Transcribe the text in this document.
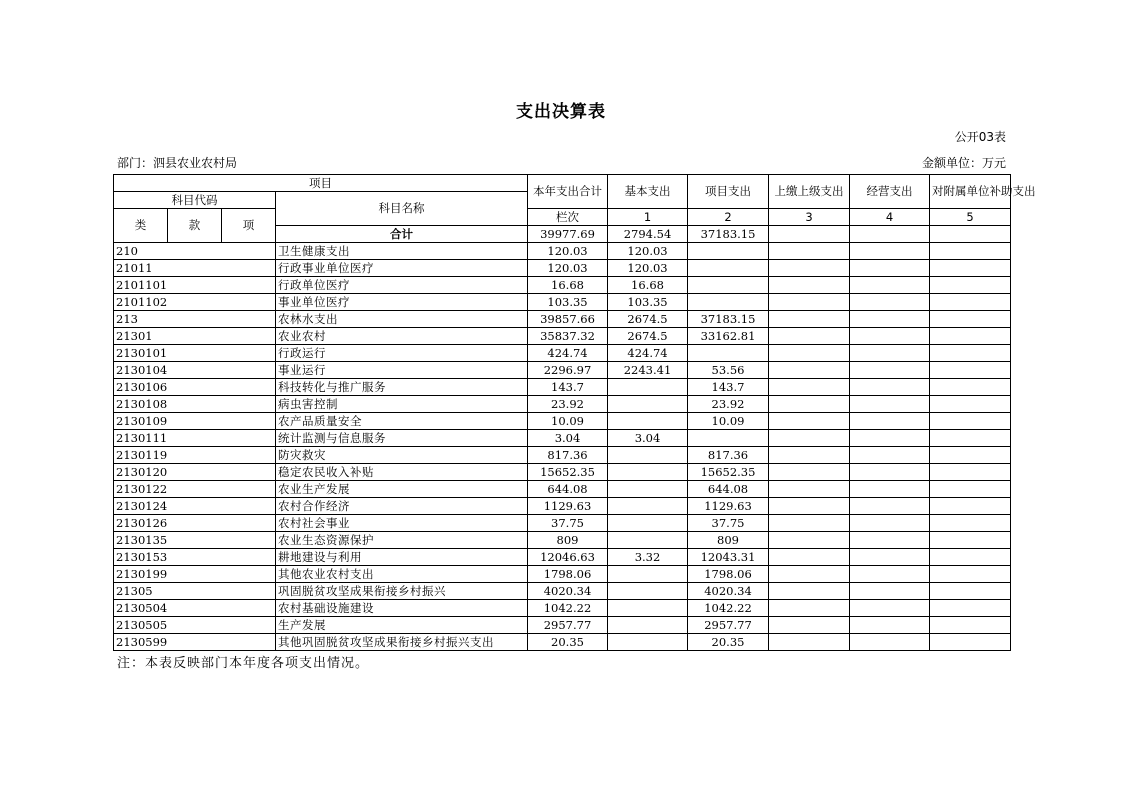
支出决算表
公开03表
部门：泗县农业农村局	金额单位：万元
项目				本年支出合计	基本支出	项目支出	上缴上级支出	经营支出	对附属单位补助支出	
科目代码			科目名称							
类	款	项		栏次	1	2	3	4	5	
			合计	39977.69	2794.54	37183.15				
210			卫生健康支出	120.03	120.03					
21011			行政事业单位医疗	120.03	120.03					
2101101			行政单位医疗	16.68	16.68					
2101102			事业单位医疗	103.35	103.35					
213			农林水支出	39857.66	2674.5	37183.15				
21301			农业农村	35837.32	2674.5	33162.81				
2130101			行政运行	424.74	424.74					
2130104			事业运行	2296.97	2243.41	53.56				
2130106			科技转化与推广服务	143.7		143.7				
2130108			病虫害控制	23.92		23.92				
2130109			农产品质量安全	10.09		10.09				
2130111			统计监测与信息服务	3.04	3.04					
2130119			防灾救灾	817.36		817.36				
2130120			稳定农民收入补贴	15652.35		15652.35				
2130122			农业生产发展	644.08		644.08				
2130124			农村合作经济	1129.63		1129.63				
2130126			农村社会事业	37.75		37.75				
2130135			农业生态资源保护	809		809				
2130153			耕地建设与利用	12046.63	3.32	12043.31				
2130199			其他农业农村支出	1798.06		1798.06				
21305			巩固脱贫攻坚成果衔接乡村振兴	4020.34		4020.34				
2130504			农村基础设施建设	1042.22		1042.22				
2130505			生产发展	2957.77		2957.77				
2130599			其他巩固脱贫攻坚成果衔接乡村振兴支出	20.35		20.35				
注：本表反映部门本年度各项支出情况。
